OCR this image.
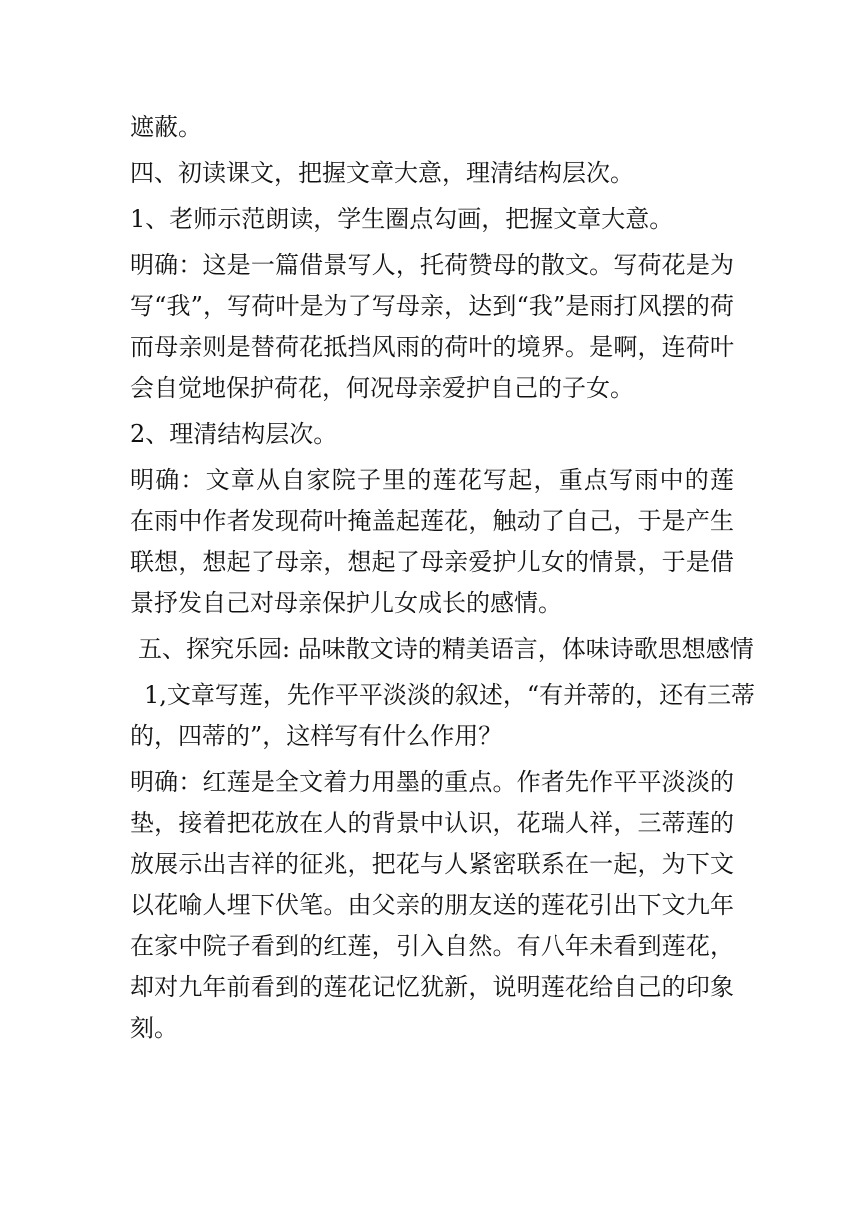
遮蔽。

四、初读课文，把握文章大意，理清结构层次。

1、老师示范朗读，学生圈点勾画，把握文章大意。

明确：这是一篇借景写人，托荷赞母的散文。写荷花是为

写“我”，写荷叶是为了写母亲，达到“我”是雨打风摆的荷

而母亲则是替荷花抵挡风雨的荷叶的境界。是啊，连荷叶

会自觉地保护荷花，何况母亲爱护自己的子女。

2、理清结构层次。

明确：文章从自家院子里的莲花写起，重点写雨中的莲

在雨中作者发现荷叶掩盖起莲花，触动了自己，于是产生

联想，想起了母亲，想起了母亲爱护儿女的情景，于是借

景抒发自己对母亲保护儿女成长的感情。

五、探究乐园: 品味散文诗的精美语言，体味诗歌思想感情

1,文章写莲，先作平平淡淡的叙述，“有并蒂的，还有三蒂

的，四蒂的”，这样写有什么作用？

明确：红莲是全文着力用墨的重点。作者先作平平淡淡的

垫，接着把花放在人的背景中认识，花瑞人祥，三蒂莲的

放展示出吉祥的征兆，把花与人紧密联系在一起，为下文

以花喻人埋下伏笔。由父亲的朋友送的莲花引出下文九年

在家中院子看到的红莲，引入自然。有八年未看到莲花，

却对九年前看到的莲花记忆犹新，说明莲花给自己的印象

刻。
